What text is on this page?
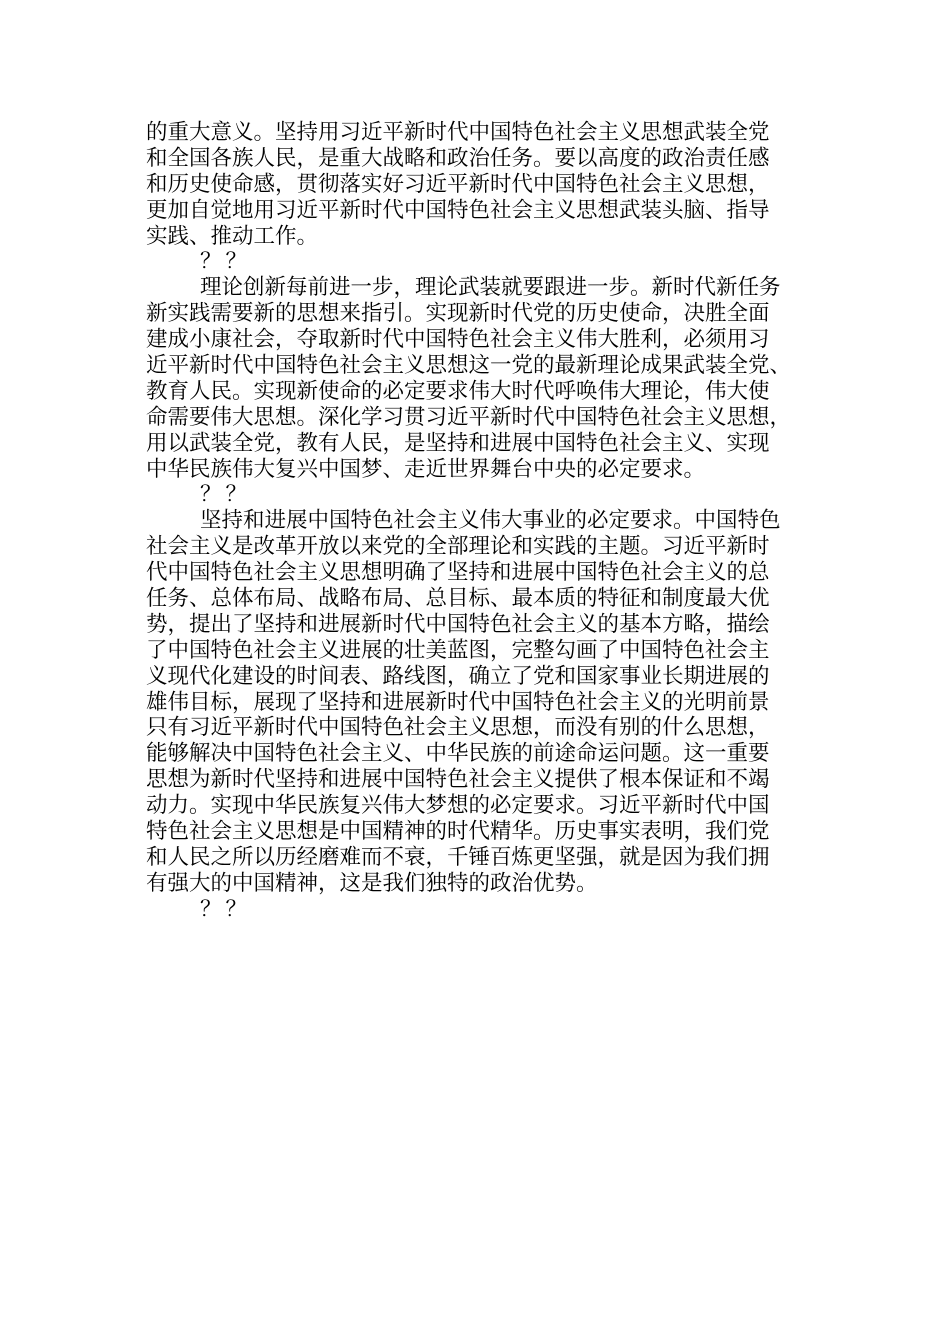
的重大意义。坚持用习近平新时代中国特色社会主义思想武装全党
和全国各族人民，是重大战略和政治任务。要以高度的政治责任感
和历史使命感，贯彻落实好习近平新时代中国特色社会主义思想，
更加自觉地用习近平新时代中国特色社会主义思想武装头脑、指导
实践、推动工作。
？？
理论创新每前进一步，理论武装就要跟进一步。新时代新任务
新实践需要新的思想来指引。实现新时代党的历史使命，决胜全面
建成小康社会，夺取新时代中国特色社会主义伟大胜利，必须用习
近平新时代中国特色社会主义思想这一党的最新理论成果武装全党、
教育人民。实现新使命的必定要求伟大时代呼唤伟大理论，伟大使
命需要伟大思想。深化学习贯习近平新时代中国特色社会主义思想，
用以武装全党，教有人民，是坚持和进展中国特色社会主义、实现
中华民族伟大复兴中国梦、走近世界舞台中央的必定要求。
？？
坚持和进展中国特色社会主义伟大事业的必定要求。中国特色
社会主义是改革开放以来党的全部理论和实践的主题。习近平新时
代中国特色社会主义思想明确了坚持和进展中国特色社会主义的总
任务、总体布局、战略布局、总目标、最本质的特征和制度最大优
势，提出了坚持和进展新时代中国特色社会主义的基本方略，描绘
了中国特色社会主义进展的壮美蓝图，完整勾画了中国特色社会主
义现代化建设的时间表、路线图，确立了党和国家事业长期进展的
雄伟目标，展现了坚持和进展新时代中国特色社会主义的光明前景
只有习近平新时代中国特色社会主义思想，而没有别的什么思想，
能够解决中国特色社会主义、中华民族的前途命运问题。这一重要
思想为新时代坚持和进展中国特色社会主义提供了根本保证和不竭
动力。实现中华民族复兴伟大梦想的必定要求。习近平新时代中国
特色社会主义思想是中国精神的时代精华。历史事实表明，我们党
和人民之所以历经磨难而不衰，千锤百炼更坚强，就是因为我们拥
有强大的中国精神，这是我们独特的政治优势。
？？
